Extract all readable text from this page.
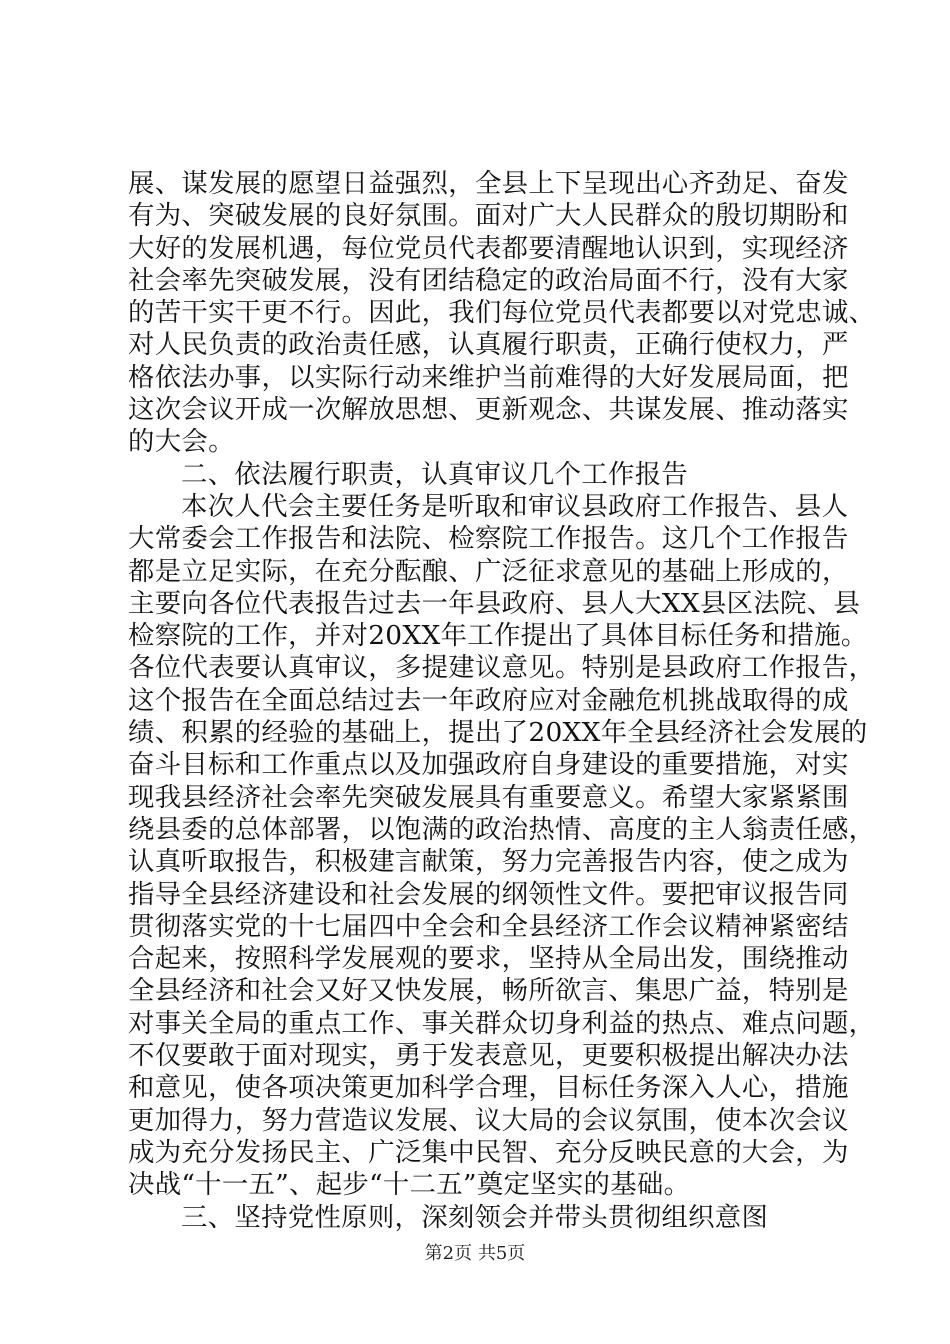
展、谋发展的愿望日益强烈，全县上下呈现出心齐劲足、奋发
有为、突破发展的良好氛围。面对广大人民群众的殷切期盼和
大好的发展机遇，每位党员代表都要清醒地认识到，实现经济
社会率先突破发展，没有团结稳定的政治局面不行，没有大家
的苦干实干更不行。因此，我们每位党员代表都要以对党忠诚、
对人民负责的政治责任感，认真履行职责，正确行使权力，严
格依法办事，以实际行动来维护当前难得的大好发展局面，把
这次会议开成一次解放思想、更新观念、共谋发展、推动落实
的大会。
二、依法履行职责，认真审议几个工作报告
本次人代会主要任务是听取和审议县政府工作报告、县人
大常委会工作报告和法院、检察院工作报告。这几个工作报告
都是立足实际，在充分酝酿、广泛征求意见的基础上形成的，
主要向各位代表报告过去一年县政府、县人大XX县区法院、县
检察院的工作，并对20XX年工作提出了具体目标任务和措施。
各位代表要认真审议，多提建议意见。特别是县政府工作报告，
这个报告在全面总结过去一年政府应对金融危机挑战取得的成
绩、积累的经验的基础上，提出了20XX年全县经济社会发展的
奋斗目标和工作重点以及加强政府自身建设的重要措施，对实
现我县经济社会率先突破发展具有重要意义。希望大家紧紧围
绕县委的总体部署，以饱满的政治热情、高度的主人翁责任感，
认真听取报告，积极建言献策，努力完善报告内容，使之成为
指导全县经济建设和社会发展的纲领性文件。要把审议报告同
贯彻落实党的十七届四中全会和全县经济工作会议精神紧密结
合起来，按照科学发展观的要求，坚持从全局出发，围绕推动
全县经济和社会又好又快发展，畅所欲言、集思广益，特别是
对事关全局的重点工作、事关群众切身利益的热点、难点问题，
不仅要敢于面对现实，勇于发表意见，更要积极提出解决办法
和意见，使各项决策更加科学合理，目标任务深入人心，措施
更加得力，努力营造议发展、议大局的会议氛围，使本次会议
成为充分发扬民主、广泛集中民智、充分反映民意的大会，为
决战“十一五”、起步“十二五”奠定坚实的基础。
三、坚持党性原则，深刻领会并带头贯彻组织意图
第2页 共5页
